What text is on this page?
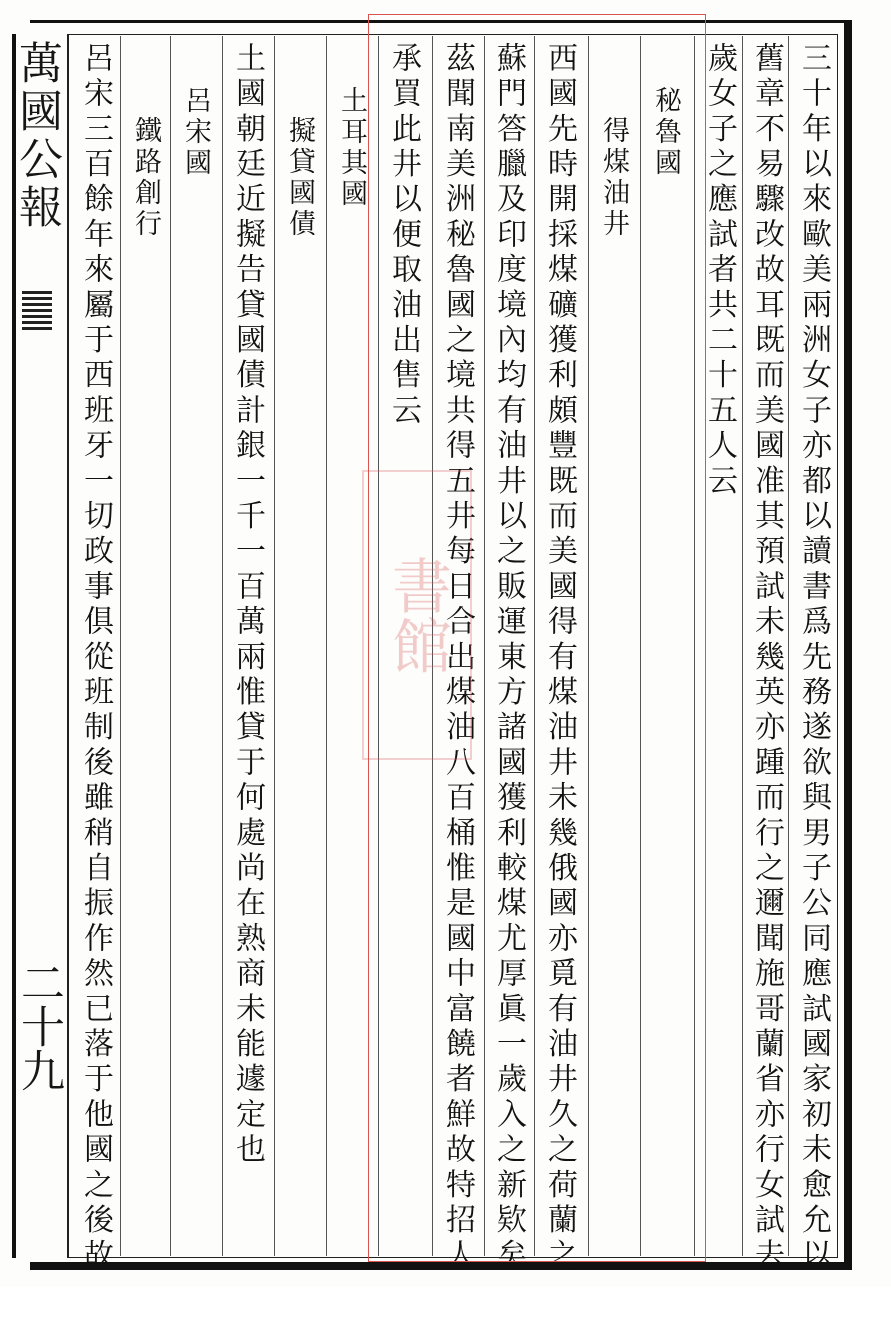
萬國公報
二十九	三十年以來歐美兩洲女子亦都以讀書爲先務遂欲與男子公同應試國家初未愈允以
舊章不易驟改故耳既而美國准其預試未幾英亦踵而行之邇聞施哥蘭省亦行女試去
歲女子之應試者共二十五人云
秘魯國
得煤油井
西國先時開採煤礦獲利頗豐既而美國得有煤油井未幾俄國亦覓有油井久之荷蘭之
蘇門答臘及印度境內均有油井以之販運東方諸國獲利較煤尤厚眞一歲入之新欵矣
茲聞南美洲秘魯國之境共得五井每日合出煤油八百桶惟是國中富饒者鮮故特招人
承買此井以便取油出售云
土耳其國
擬貸國債
土國朝廷近擬告貸國債計銀一千一百萬兩惟貸于何處尚在熟商未能遽定也
呂宋國
鐵路創行
呂宋三百餘年來屬于西班牙一切政事俱從班制後雖稍自振作然已落于他國之後故	書館
